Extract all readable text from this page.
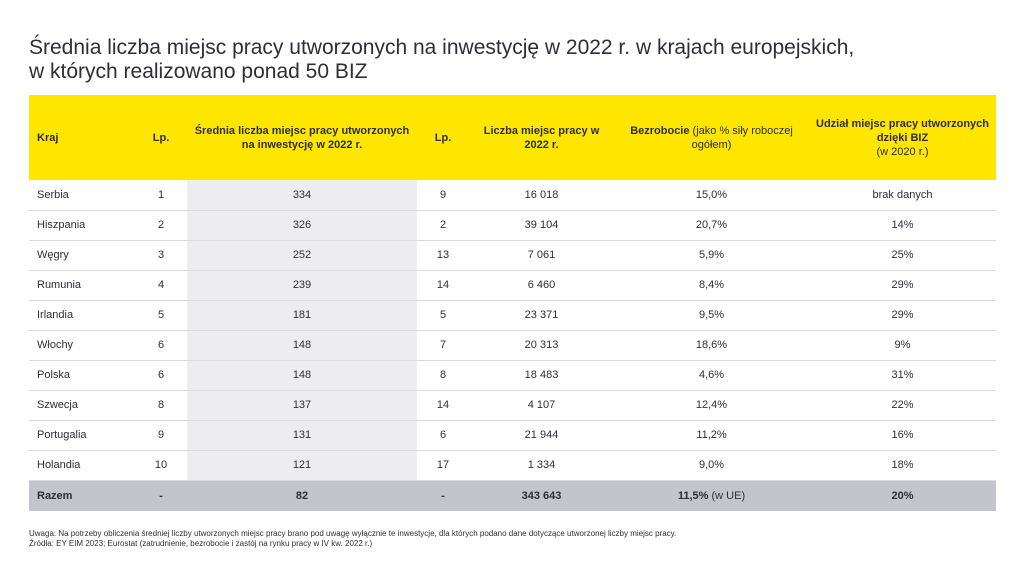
Średnia liczba miejsc pracy utworzonych na inwestycję w 2022 r. w krajach europejskich,
w których realizowano ponad 50 BIZ
Kraj	Lp.	Średnia liczba miejsc pracy utworzonych na inwestycję w 2022 r.	Lp.	Liczba miejsc pracy w 2022 r.	Bezrobocie (jako % siły roboczej ogółem)	Udział miejsc pracy utworzonych dzięki BIZ
(w 2020 r.)

Serbia	1	334	9	16 018	15,0%	brak danych
Hiszpania	2	326	2	39 104	20,7%	14%
Węgry	3	252	13	7 061	5,9%	25%
Rumunia	4	239	14	6 460	8,4%	29%
Irlandia	5	181	5	23 371	9,5%	29%
Włochy	6	148	7	20 313	18,6%	9%
Polska	6	148	8	18 483	4,6%	31%
Szwecja	8	137	14	4 107	12,4%	22%
Portugalia	9	131	6	21 944	11,2%	16%
Holandia	10	121	17	1 334	9,0%	18%
Razem	-	82	-	343 643	11,5% (w UE)	20%
Uwaga: Na potrzeby obliczenia średniej liczby utworzonych miejsc pracy brano pod uwagę wyłącznie te inwestycje, dla których podano dane dotyczące utworzonej liczby miejsc pracy.
Źródła: EY EIM 2023; Eurostat (zatrudnienie, bezrobocie i zastój na rynku pracy w IV kw. 2022 r.)
